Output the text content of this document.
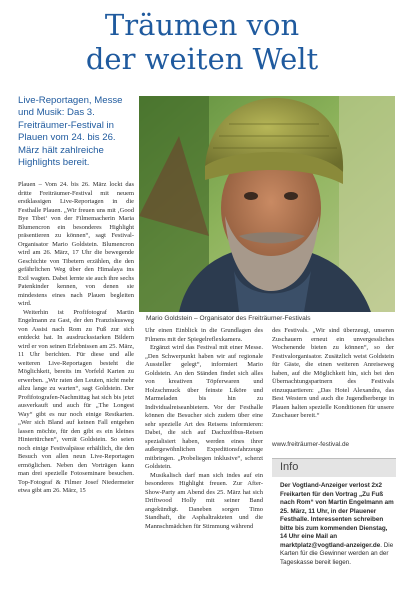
Träumen von
der weiten Welt
Live-Reportagen, Messe und Musik: Das 3. Freiträumer-Festival in Plauen vom 24. bis 26. März hält zahlreiche Highlights bereit.
Mario Goldstein – Organisator des Freiträumer-Festivals

Plauen – Vom 24. bis 26. März lockt das dritte Freiträumer-Festival mit neuem erstklassigen Live-Reportagen in die Festhalle Plauen. „Wir freuen uns mit ‚Good Bye Tibet‘ von der Filmemacherin Maria Blumencron ein besonderes Highlight präsentieren zu können“, sagt Festival-Organisator Mario Goldstein. Blumencron wird am 26. März, 17 Uhr die bewegende Geschichte von Tibetern erzählen, die den gefährlichen Weg über den Himalaya ins Exil wagten. Dabei lernte sie auch ihre sechs Patenkinder kennen, von denen sie mindestens eines nach Plauen begleiten wird.

Weiterhin ist Profifotograf Martin Engelmann zu Gast, der den Franziskusweg von Assisi nach Rom zu Fuß zur sich entdeckt hat. In ausdrucksstarken Bildern wird er von seinen Erlebnissen am 25. März, 11 Uhr berichten. Für diese und alle weiteren Live-Reportagen besteht die Möglichkeit, bereits im Vorfeld Karten zu erwerben. „Wir raten den Leuten, nicht mehr allzu lange zu warten“, sagt Goldstein. Der Profifotografen-Nachmittag hat sich bis jetzt ausverkauft und auch für „The Longest Way“ gibt es nur noch einige Restkarten. „Wer sich Bland auf keinen Fall entgehen lassen möchte, für den gibt es ein kleines Hintertürchen“, verrät Goldstein. So seien noch einige Festivalpässe erhältlich, die den Besuch von allen neun Live-Reportagen ermöglichen. Neben den Vorträgen kann man drei spezielle Fotoseminare besuchen. Top-Fotograf & Filmer Josef Niedermeier etwa gibt am 26. März, 15

Uhr einen Einblick in die Grundlagen des Filmens mit der Spiegelreflexkamera.

Ergänzt wird das Festival mit einer Messe. „Den Schwerpunkt haben wir auf regionale Aussteller gelegt“, informiert Mario Goldstein. An den Ständen findet sich alles von kreativen Töpferwaren und Holzschmuck über feinste Liköre und Marmeladen bis hin zu Individualreiseanbietern. Vor der Festhalle können die Besucher sich zudem über eine sehr spezielle Art des Reisens informieren: Dabei, die sich auf Dachzeltbus-Reisen spezialisiert haben, werden eines ihrer außergewöhnlichen Expeditionsfahrzeuge mitbringen. „Probeliegen inklusive“, scherzt Goldstein.

Musikalisch darf man sich indes auf ein besonderes Highlight freuen. Zur After-Show-Party am Abend des 25. März hat sich Driftwood Holly mit seiner Band angekündigt. Daneben sorgen Timo Standhaft, die Asphaltrakteten und die Mannschmädchen für Stimmung während

des Festivals. „Wir sind überzeugt, unseren Zuschauern erneut ein unvergessliches Wochenende bieten zu können“, so der Festivalorganisator. Zusätzlich weist Goldstein für Gäste, die einen weiteren Anreiseweg haben, auf die Möglichkeit hin, sich bei den Übernachtungspartnern des Festivals einzuquartieren: „Das Hotel Alexandra, das Best Western und auch die Jugendherberge in Plauen halten spezielle Konditionen für unsere Zuschauer bereit.“

www.freiträumer-festival.de
Info
Der Vogtland-Anzeiger verlost 2x2 Freikarten für den Vortrag „Zu Fuß nach Rom“ von Martin Engelmann am 25. März, 11 Uhr, in der Plauener Festhalle. Interessenten schreiben bitte bis zum kommenden Dienstag, 14 Uhr eine Mail an marktplatz@vogtland-anzeiger.de. Die Karten für die Gewinner werden an der Tageskasse bereit liegen.
